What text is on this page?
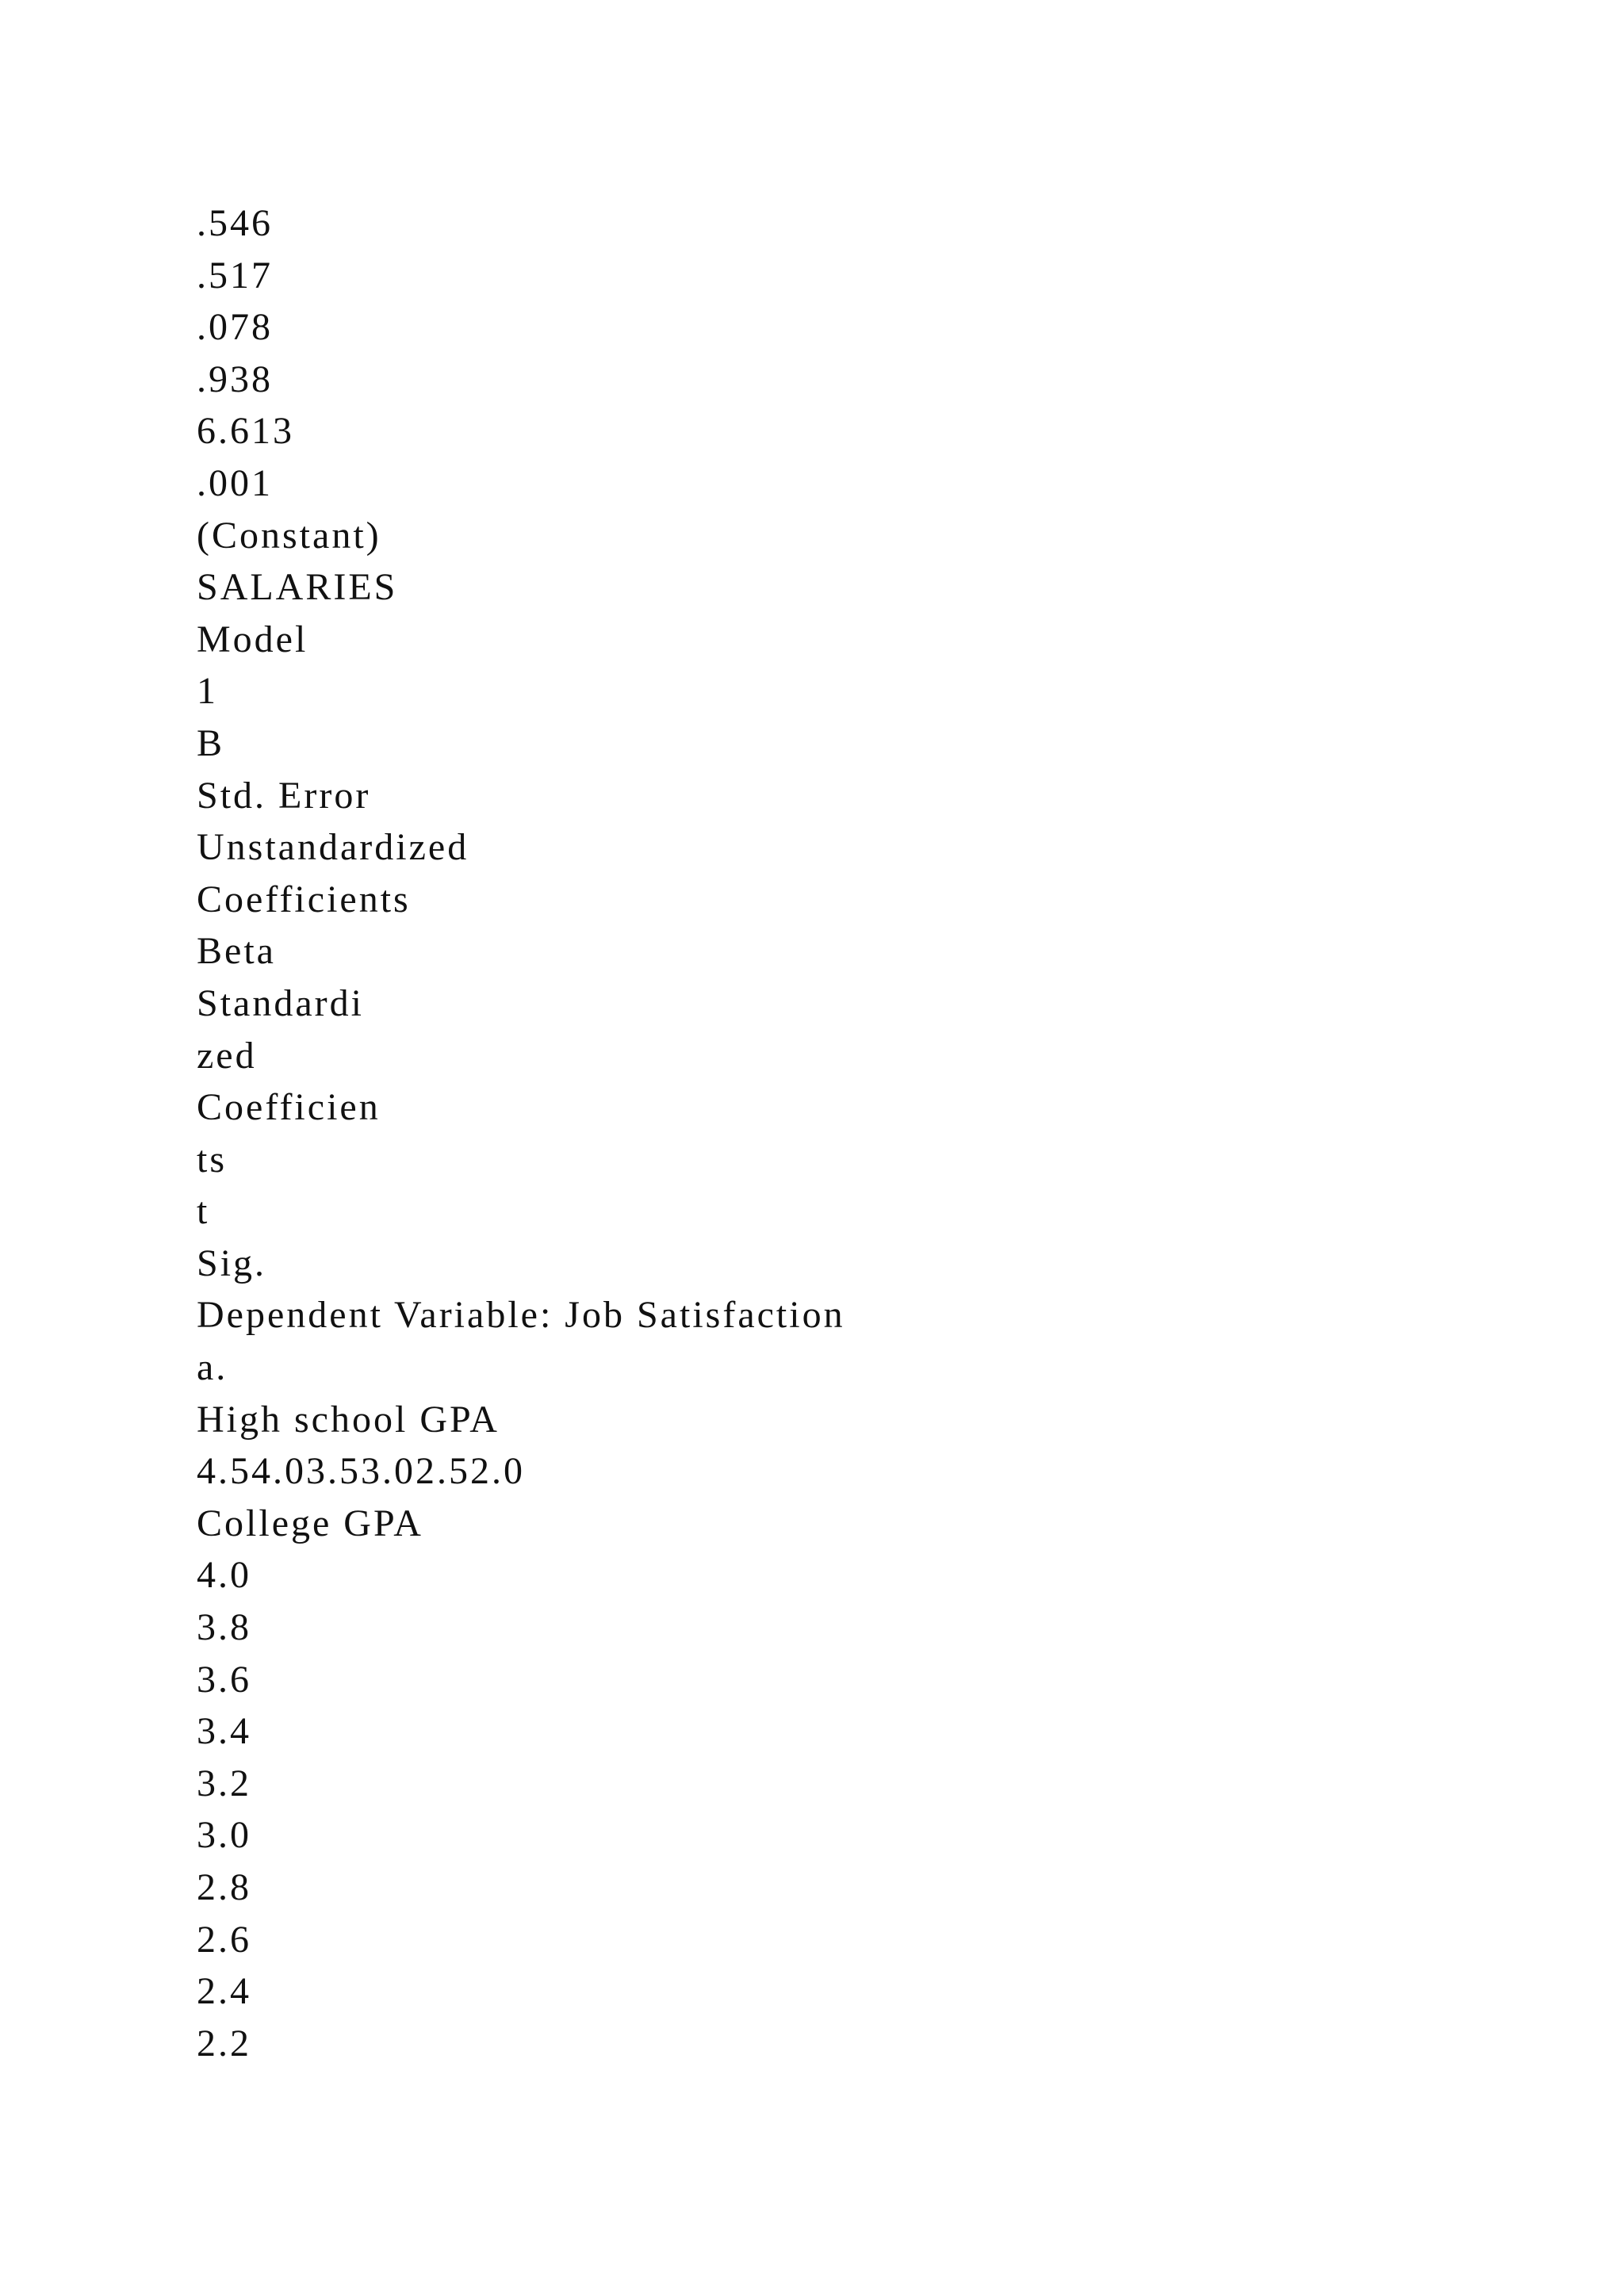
.546
.517
.078
.938
6.613
.001
(Constant)
SALARIES
Model
1
B
Std. Error
Unstandardized
Coefficients
Beta
Standardi
zed
Coefficien
ts
t
Sig.
Dependent Variable: Job Satisfaction
a.
High school GPA
4.54.03.53.02.52.0
College GPA
4.0
3.8
3.6
3.4
3.2
3.0
2.8
2.6
2.4
2.2
